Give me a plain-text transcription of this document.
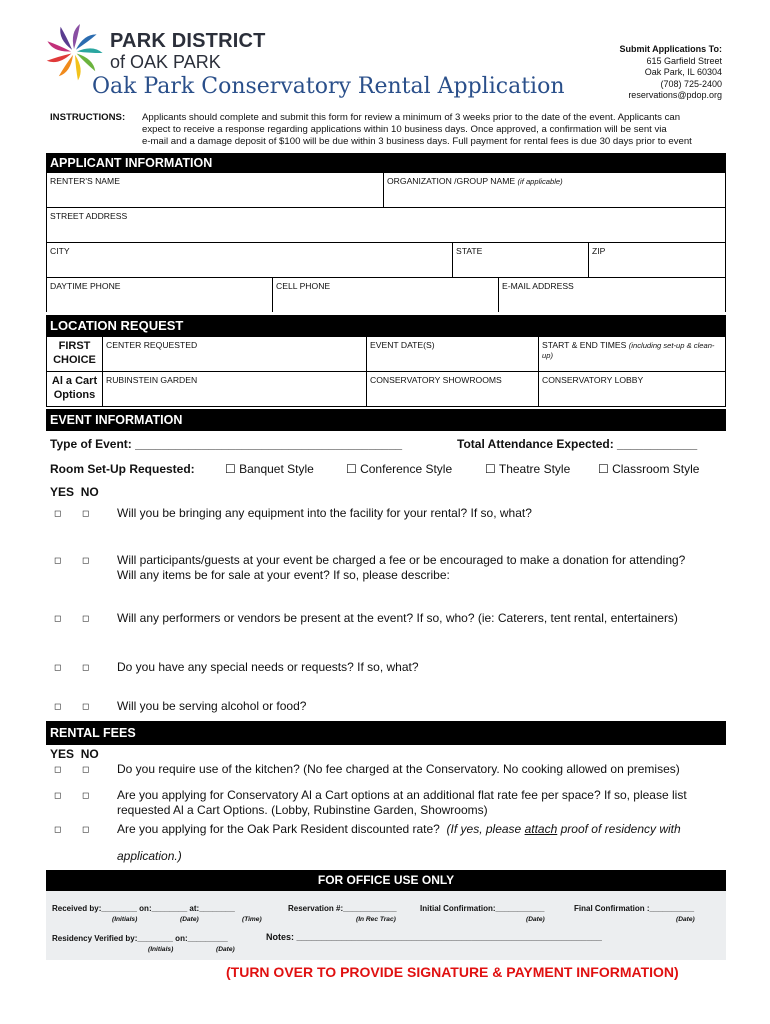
PARK DISTRICT
of OAK PARK
Oak Park Conservatory Rental Application
Submit Applications To:
615 Garfield Street
Oak Park, IL 60304
(708) 725-2400
reservations@pdop.org
INSTRUCTIONS: Applicants should complete and submit this form for review a minimum of 3 weeks prior to the date of the event. Applicants can
expect to receive a response regarding applications within 10 business days. Once approved, a confirmation will be sent via
e-mail and a damage deposit of $100 will be due within 3 business days. Full payment for rental fees is due 30 days prior to event
APPLICANT INFORMATION
RENTER'S NAME	ORGANIZATION /GROUP NAME (if applicable)
STREET ADDRESS
CITY	STATE	ZIP
DAYTIME PHONE	CELL PHONE	E-MAIL ADDRESS
LOCATION REQUEST
FIRST
CHOICE
CENTER REQUESTED	EVENT DATE(S)	START & END TIMES (including set-up & clean-up)
Al a Cart
Options
RUBINSTEIN GARDEN	CONSERVATORY SHOWROOMS	CONSERVATORY LOBBY
EVENT INFORMATION
Type of Event: ________________________________________	Total Attendance Expected: ____________
Room Set-Up Requested:	☐ Banquet Style	☐ Conference Style	☐ Theatre Style ☐ Classroom Style
YES NO
◻ ◻ Will you be bringing any equipment into the facility for your rental? If so, what?
◻ ◻ Will participants/guests at your event be charged a fee or be encouraged to make a donation for attending?
Will any items be for sale at your event? If so, please describe:
◻ ◻ Will any performers or vendors be present at the event? If so, who? (ie: Caterers, tent rental, entertainers)
◻ ◻ Do you have any special needs or requests? If so, what?
◻ ◻ Will you be serving alcohol or food?
RENTAL FEES
YES NO
◻ ◻ Do you require use of the kitchen? (No fee charged at the Conservatory. No cooking allowed on premises)
◻ ◻ Are you applying for Conservatory Al a Cart options at an additional flat rate fee per space? If so, please list
requested Al a Cart Options. (Lobby, Rubinstine Garden, Showrooms)
◻ ◻ Are you applying for the Oak Park Resident discounted rate? (If yes, please attach proof of residency with
application.)
FOR OFFICE USE ONLY
Received by:________ on:________ at:________
(Initials)	(Date)	(Time)
Reservation #:____________
(In Rec Trac)
Initial Confirmation:___________
(Date)
Final Confirmation :__________
(Date)
Residency Verified by:________ on:_________
(Initials)	(Date)
Notes: _____________________________________________________________
(TURN OVER TO PROVIDE SIGNATURE & PAYMENT INFORMATION)
